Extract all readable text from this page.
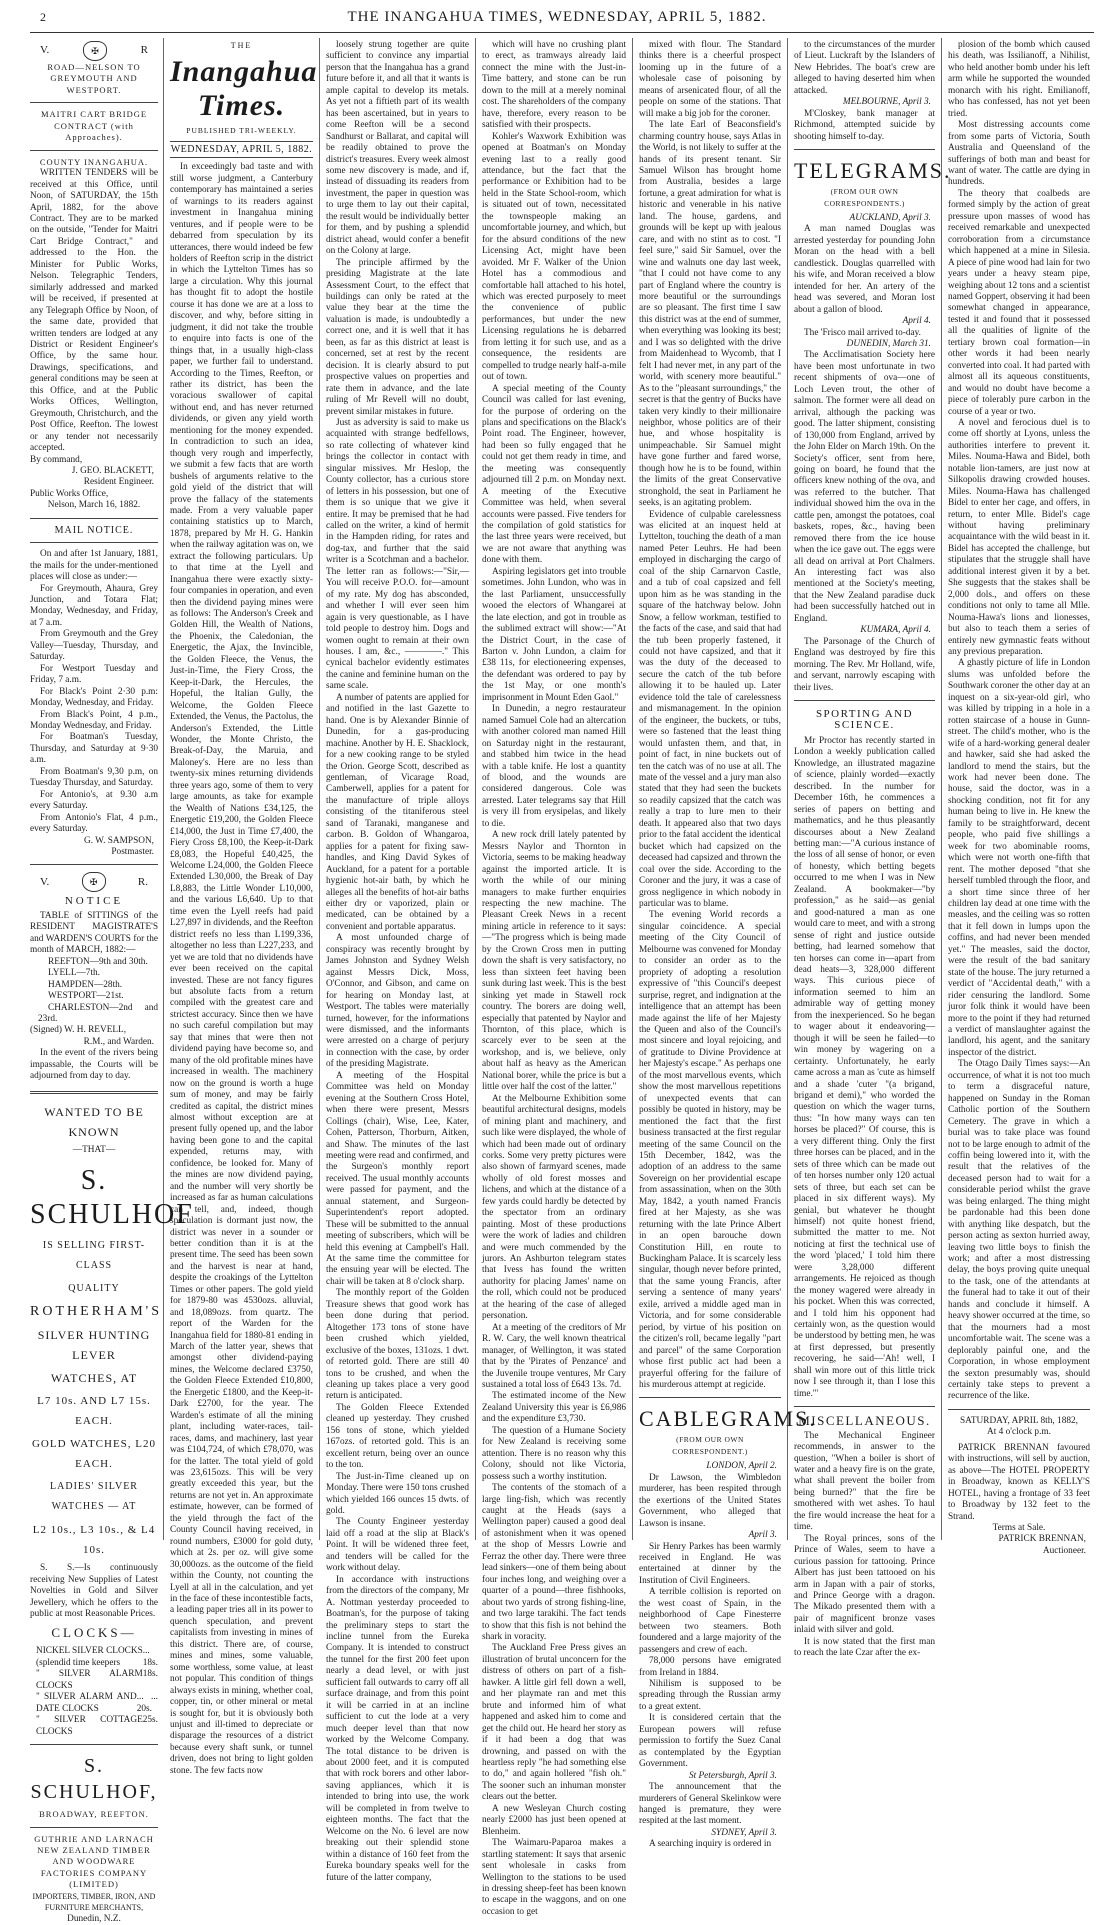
2	THE INANGAHUA TIMES, WEDNESDAY, APRIL 5, 1882.
V.	✠	R
ROAD—NELSON TO GREYMOUTH AND WESTPORT.
MAITRI CART BRIDGE CONTRACT (with Approaches).
COUNTY INANGAHUA.

WRITTEN TENDERS will be received at this Office, until Noon, of SATURDAY, the 15th April, 1882, for the above Contract. They are to be marked on the outside, "Tender for Maitri Cart Bridge Contract," and addressed to the Hon. the Minister for Public Works, Nelson. Telegraphic Tenders, similarly addressed and marked will be received, if presented at any Telegraph Office by Noon, of the same date, provided that written tenders are lodged at any District or Resident Engineer's Office, by the same hour. Drawings, specifications, and general conditions may be seen at this Office, and at the Public Works Offices, Wellington, Greymouth, Christchurch, and the Post Office, Reefton. The lowest or any tender not necessarily accepted.

By command,
J. GEO. BLACKETT,
Resident Engineer.
Public Works Office,
Nelson, March 16, 1882.
MAIL NOTICE.

On and after 1st January, 1881, the mails for the under-mentioned places will close as under:—

For Greymouth, Ahaura, Grey Junction, and Totara Flat; Monday, Wednesday, and Friday, at 7 a.m.

From Greymouth and the Grey Valley—Tuesday, Thursday, and Saturday.

For Westport Tuesday and Friday, 7 a.m.

For Black's Point 2·30 p.m: Monday, Wednesday, and Friday.

From Black's Point, 4 p.m., Monday Wednesday, and Friday.

For Boatman's Tuesday, Thursday, and Saturday at 9·30 a.m.

From Boatman's 9,30 p.m, on Tuesday Thursday, and Saturday.

For Antonio's, at 9.30 a.m every Saturday.

From Antonio's Flat, 4 p.m., every Saturday.

G. W. SAMPSON,
Postmaster.
V.	✠	R.
NOTICE

TABLE of SITTINGS of the RESIDENT MAGISTRATE'S and WARDEN'S COURTS for the month of MARCH, 1882:—

REEFTON—9th and 30th.

LYELL—7th.

HAMPDEN—28th.

WESTPORT—21st.

CHARLESTON—2nd and 23rd.

(Signed) W. H. REVELL,
R.M., and Warden.

In the event of the rivers being impassable, the Courts will be adjourned from day to day.

WANTED TO BE KNOWN
—THAT—
S. SCHULHOF
IS SELLING FIRST-CLASS
QUALITY
ROTHERHAM'S
SILVER HUNTING LEVER
WATCHES, AT
L7 10s. AND L7 15s. EACH.
GOLD WATCHES, L20 EACH.
LADIES' SILVER WATCHES — AT
L2 10s., L3 10s., & L4 10s.

S. S.—Is continuously receiving New Supplies of Latest Novelties in Gold and Silver Jewellery, which he offers to the public at most Reasonable Prices.

CLOCKS—
NICKEL SILVER CLOCKS (splendid time keepers
... 18s.
" SILVER ALARM CLOCKS
18s.
" SILVER ALARM AND DATE CLOCKS
... ... 20s.
" SILVER COTTAGE CLOCKS
25s.
S. SCHULHOF,
BROADWAY, REEFTON.
GUTHRIE AND LARNACH NEW ZEALAND TIMBER AND WOODWARE FACTORIES COMPANY (LIMITED)
IMPORTERS, TIMBER, IRON, AND FURNITURE MERCHANTS,
Dunedin, N.Z.
THE
Inangahua Times.
PUBLISHED TRI-WEEKLY.
WEDNESDAY, APRIL 5, 1882.

In exceedingly bad taste and with still worse judgment, a Canterbury contemporary has maintained a series of warnings to its readers against investment in Inangahua mining ventures, and if people were to be debarred from speculation by its utterances, there would indeed be few holders of Reefton scrip in the district in which the Lyttelton Times has so large a circulation. Why this journal has thought fit to adopt the hostile course it has done we are at a loss to discover, and why, before sitting in judgment, it did not take the trouble to enquire into facts is one of the things that, in a usually high-class paper, we further fail to understand. According to the Times, Reefton, or rather its district, has been the voracious swallower of capital without end, and has never returned dividends, or given any yield worth mentioning for the money expended. In contradiction to such an idea, though very rough and imperfectly, we submit a few facts that are worth bushels of arguments relative to the gold yield of the district that will prove the fallacy of the statements made. From a very valuable paper containing statistics up to March, 1878, prepared by Mr H. G. Hankin when the railway agitation was on, we extract the following particulars. Up to that time at the Lyell and Inangahua there were exactly sixty-four companies in operation, and even then the dividend paying mines were as follows: The Anderson's Creek and Golden Hill, the Wealth of Nations, the Phoenix, the Caledonian, the Energetic, the Ajax, the Invincible, the Golden Fleece, the Venus, the Just-in-Time, the Fiery Cross, the Keep-it-Dark, the Hercules, the Hopeful, the Italian Gully, the Welcome, the Golden Fleece Extended, the Venus, the Pactolus, the Anderson's Extended, the Little Wonder, the Monte Christo, the Break-of-Day, the Maruia, and Maloney's. Here are no less than twenty-six mines returning dividends three years ago, some of them to very large amounts, as take for example the Wealth of Nations £34,125, the Energetic £19,200, the Golden Fleece £14,000, the Just in Time £7,400, the Fiery Cross £8,100, the Keep-it-Dark £8,083, the Hopeful £40,425, the Welcome L24,000, the Golden Fleece Extended L30,000, the Break of Day L8,883, the Little Wonder L10,000, and the various L6,640. Up to that time even the Lyell reefs had paid L27,897 in dividends, and the Reefton district reefs no less than L199,336, altogether no less than L227,233, and yet we are told that no dividends have ever been received on the capital invested. These are not fancy figures but absolute facts from a return compiled with the greatest care and strictest accuracy. Since then we have no such careful compilation but may say that mines that were then not dividend paying have become so, and many of the old profitable mines have increased in wealth. The machinery now on the ground is worth a huge sum of money, and may be fairly credited as capital, the district mines almost without exception are at present fully opened up, and the labor having been gone to and the capital expended, returns may, with confidence, be looked for. Many of the mines are now dividend paying, and the number will very shortly be increased as far as human calculations can tell, and, indeed, though speculation is dormant just now, the district was never in a sounder or better condition than it is at the present time. The seed has been sown and the harvest is near at hand, despite the croakings of the Lyttelton Times or other papers. The gold yield for 1879-80 was 4530ozs. alluvial, and 18,089ozs. from quartz. The report of the Warden for the Inangahua field for 1880-81 ending in March of the latter year, shews that amongst other dividend-paying mines, the Welcome declared £3750, the Golden Fleece Extended £10,800, the Energetic £1800, and the Keep-it-Dark £2700, for the year. The Warden's estimate of all the mining plant, including water-races, tail-races, dams, and machinery, last year was £104,724, of which £78,070, was for the latter. The total yield of gold was 23,615ozs. This will be very greatly exceeded this year, but the returns are not yet in. An approximate estimate, however, can be formed of the yield through the fact of the County Council having received, in round numbers, £3000 for gold duty, which at 2s. per oz. will give some 30,000ozs. as the outcome of the field within the County, not counting the Lyell at all in the calculation, and yet in the face of these incontestible facts, a leading paper tries all in its power to quench speculation, and prevent capitalists from investing in mines of this district. There are, of course, mines and mines, some valuable, some worthless, some value, at least not popular. This condition of things always exists in mining, whether coal, copper, tin, or other mineral or metal is sought for, but it is obviously both unjust and ill-timed to depreciate or disparage the resources of a district because every shaft sunk, or tunnel driven, does not bring to light golden stone. The few facts now

loosely strung together are quite sufficient to convince any impartial person that the Inangahua has a grand future before it, and all that it wants is ample capital to develop its metals. As yet not a fiftieth part of its wealth has been ascertained, but in years to come Reefton will be a second Sandhurst or Ballarat, and capital will be readily obtained to prove the district's treasures. Every week almost some new discovery is made, and if, instead of dissuading its readers from investment, the paper in question was to urge them to lay out their capital, the result would be individually better for them, and by pushing a splendid district ahead, would confer a benefit on the Colony at large.

The principle affirmed by the presiding Magistrate at the late Assessment Court, to the effect that buildings can only be rated at the value they bear at the time the valuation is made, is undoubtedly a correct one, and it is well that it has been, as far as this district at least is concerned, set at rest by the recent decision. It is clearly absurd to put prospective values on properties and rate them in advance, and the late ruling of Mr Revell will no doubt, prevent similar mistakes in future.

Just as adversity is said to make us acquainted with strange bedfellows, so rate collecting of whatever kind brings the collector in contact with singular missives. Mr Heslop, the County collector, has a curious store of letters in his possession, but one of them is so unique that we give it entire. It may be premised that he had called on the writer, a kind of hermit in the Hampden riding, for rates and dog-tax, and further that the said writer is a Scotchman and a bachelor. The letter ran as follows:—"Sir,—You will receive P.O.O. for—amount of my rate. My dog has absconded, and whether I will ever seen him again is very questionable, as I have told people to destroy him. Dogs and women ought to remain at their own houses. I am, &c., ————." This cynical bachelor evidently estimates the canine and feminine human on the same scale.

A number of patents are applied for and notified in the last Gazette to hand. One is by Alexander Binnie of Dunedin, for a gas-producing machine. Another by H. E. Shacklock, for a new cooking range to be styled the Orion. George Scott, described as gentleman, of Vicarage Road, Camberwell, applies for a patent for the manufacture of triple alloys consisting of the titaniferous steel sand of Taranaki, manganese and carbon. B. Goldon of Whangaroa, applies for a patent for fixing saw-handles, and King David Sykes of Auckland, for a patent for a portable hygienic hot-air bath, by which he alleges all the benefits of hot-air baths either dry or vaporized, plain or medicated, can be obtained by a convenient and portable apparatus.

A most unfounded charge of conspiracy was recently brought by James Johnston and Sydney Welsh against Messrs Dick, Moss, O'Connor, and Gibson, and came on for hearing on Monday last, at Westport. The tables were materially turned, however, for the informations were dismissed, and the informants were arrested on a charge of perjury in connection with the case, by order of the presiding Magistrate.

A meeting of the Hospital Committee was held on Monday evening at the Southern Cross Hotel, when there were present, Messrs Collings (chair), Wise, Lee, Kater, Cohen, Patterson, Thorburn, Aitken, and Shaw. The minutes of the last meeting were read and confirmed, and the Surgeon's monthly report received. The usual monthly accounts were passed for payment, and the annual statement, and Surgeon-Superintendent's report adopted. These will be submitted to the annual meeting of subscribers, which will be held this evening at Campbell's Hall. At the same time the committee for the ensuing year will be elected. The chair will be taken at 8 o'clock sharp.

The monthly report of the Golden Treasure shews that good work has been done during that period. Altogether 173 tons of stone have been crushed which yielded, exclusive of the boxes, 131ozs. 1 dwt. of retorted gold. There are still 40 tons to be crushed, and when the cleaning up takes place a very good return is anticipated.

The Golden Fleece Extended cleaned up yesterday. They crushed 156 tons of stone, which yielded 167ozs. of retorted gold. This is an excellent return, being over an ounce to the ton.

The Just-in-Time cleaned up on Monday. There were 150 tons crushed which yielded 166 ounces 15 dwts. of gold.

The County Engineer yesterday laid off a road at the slip at Black's Point. It will be widened three feet, and tenders will be called for the work without delay.

In accordance with instructions from the directors of the company, Mr A. Nottman yesterday proceeded to Boatman's, for the purpose of taking the preliminary steps to start the incline tunnel from the Eureka Company. It is intended to construct the tunnel for the first 200 feet upon nearly a dead level, or with just sufficient fall outwards to carry off all surface drainage, and from this point it will be carried in at an incline sufficient to cut the lode at a very much deeper level than that now worked by the Welcome Company. The total distance to be driven is about 2000 feet, and it is computed that with rock borers and other labor-saving appliances, which it is intended to bring into use, the work will be completed in from twelve to eighteen months. The fact that the Welcome on the No. 6 level are now breaking out their splendid stone within a distance of 160 feet from the Eureka boundary speaks well for the future of the latter company,

which will have no crushing plant to erect, as tramways already laid connect the mine with the Just-in-Time battery, and stone can be run down to the mill at a merely nominal cost. The shareholders of the company have, therefore, every reason to be satisfied with their prospects.

Kohler's Waxwork Exhibition was opened at Boatman's on Monday evening last to a really good attendance, but the fact that the performance or Exhibition had to be held in the State School-room, which is situated out of town, necessitated the townspeople making an uncomfortable journey, and which, but for the absurd conditions of the new Licensing Act, might have been avoided. Mr F. Walker of the Union Hotel has a commodious and comfortable hall attached to his hotel, which was erected purposely to meet the convenience of public performances, but under the new Licensing regulations he is debarred from letting it for such use, and as a consequence, the residents are compelled to trudge nearly half-a-mile out of town.

A special meeting of the County Council was called for last evening, for the purpose of ordering on the plans and specifications on the Black's Point road. The Engineer, however, had been so fully engaged that he could not get them ready in time, and the meeting was consequently adjourned till 2 p.m. on Monday next. A meeting of the Executive Committee was held, when several accounts were passed. Five tenders for the compilation of gold statistics for the last three years were received, but we are not aware that anything was done with them.

Aspiring legislators get into trouble sometimes. John Lundon, who was in the last Parliament, unsuccessfully wooed the electors of Whangarei at the late election, and got in trouble as the sublimed extract will show:—"At the District Court, in the case of Barton v. John Lundon, a claim for £38 11s, for electioneering expenses, the defendant was ordered to pay by the 1st May, or one month's imprisonment in Mount Eden Gaol."

In Dunedin, a negro restaurateur named Samuel Cole had an altercation with another colored man named Hill on Saturday night in the restaurant, and stabbed him twice in the head with a table knife. He lost a quantity of blood, and the wounds are considered dangerous. Cole was arrested. Later telegrams say that Hill is very ill from erysipelas, and likely to die.

A new rock drill lately patented by Messrs Naylor and Thornton in Victoria, seems to be making headway against the imported article. It is worth the while of our mining managers to make further enquiries respecting the new machine. The Pleasant Creek News in a recent mining article in reference to it says:—"The progress which is being made by the Crown Cross men in putting down the shaft is very satisfactory, no less than sixteen feet having been sunk during last week. This is the best sinking yet made in Stawell rock country. The borers are doing well, especially that patented by Naylor and Thornton, of this place, which is scarcely ever to be seen at the workshop, and is, we believe, only about half as heavy as the American National borer, while the price is but a little over half the cost of the latter."

At the Melbourne Exhibition some beautiful architectural designs, models of mining plant and machinery, and such like were displayed, the whole of which had been made out of ordinary corks. Some very pretty pictures were also shown of farmyard scenes, made wholly of old forest mosses and lichens, and which at the distance of a few yards could hardly be detected by the spectator from an ordinary painting. Most of these productions were the work of ladies and children and were much commended by the jurors. An Ashburton telegram states that Ivess has found the written authority for placing James' name on the roll, which could not be produced at the hearing of the case of alleged personation.

At a meeting of the creditors of Mr R. W. Cary, the well known theatrical manager, of Wellington, it was stated that by the 'Pirates of Penzance' and the Juvenile troupe ventures, Mr Cary sustained a total loss of £643 13s. 7d.

The estimated income of the New Zealand University this year is £6,986 and the expenditure £3,730.

The question of a Humane Society for New Zealand is receiving some attention. There is no reason why this Colony, should not like Victoria, possess such a worthy institution.

The contents of the stomach of a large ling-fish, which was recently caught at the Heads (says a Wellington paper) caused a good deal of astonishment when it was opened at the shop of Messrs Lowrie and Ferraz the other day. There were three lead sinkers—one of them being about four inches long, and weighing over a quarter of a pound—three fishhooks, about two yards of strong fishing-line, and two large tarakihi. The fact tends to show that this fish is not behind the shark in voracity.

The Auckland Free Press gives an illustration of brutal unconcern for the distress of others on part of a fish-hawker. A little girl fell down a well, and her playmate ran and met this brute and informed him of what happened and asked him to come and get the child out. He heard her story as if it had been a dog that was drowning, and passed on with the heartless reply "he had something else to do," and again hollered "fish oh." The sooner such an inhuman monster clears out the better.

A new Wesleyan Church costing nearly £2000 has just been opened at Blenheim.

The Waimaru-Paparoa makes a startling statement: It says that arsenic sent wholesale in casks from Wellington to the stations to be used in dressing sheep-feet has been known to escape in the waggons, and on one occasion to get

mixed with flour. The Standard thinks there is a cheerful prospect looming up in the future of a wholesale case of poisoning by means of arsenicated flour, of all the people on some of the stations. That will make a big job for the coroner.

The late Earl of Beaconsfield's charming country house, says Atlas in the World, is not likely to suffer at the hands of its present tenant. Sir Samuel Wilson has brought home from Australia, besides a large fortune, a great admiration for what is historic and venerable in his native land. The house, gardens, and grounds will be kept up with jealous care, and with no stint as to cost. "I feel sure," said Sir Samuel, over the wine and walnuts one day last week, "that I could not have come to any part of England where the country is more beautiful or the surroundings are so pleasant. The first time I saw this district was at the end of summer, when everything was looking its best; and I was so delighted with the drive from Maidenhead to Wycomb, that I felt I had never met, in any part of the world, with scenery more beautiful." As to the "pleasant surroundings," the secret is that the gentry of Bucks have taken very kindly to their millionaire neighbor, whose politics are of their hue, and whose hospitality is unimpeachable. Sir Samuel might have gone further and fared worse, though how he is to be found, within the limits of the great Conservative stronghold, the seat in Parliament he seeks, is an agitating problem.

Evidence of culpable carelessness was elicited at an inquest held at Lyttelton, touching the death of a man named Peter Leuhrs. He had been employed in discharging the cargo of coal of the ship Carnarvon Castle, and a tub of coal capsized and fell upon him as he was standing in the square of the hatchway below. John Snow, a fellow workman, testified to the facts of the case, and said that had the tub been properly fastened, it could not have capsized, and that it was the duty of the deceased to secure the catch of the tub before allowing it to be hauled up. Later evidence told the tale of carelessness and mismanagement. In the opinion of the engineer, the buckets, or tubs, were so fastened that the least thing would unfasten them, and that, in point of fact, in nine buckets out of ten the catch was of no use at all. The mate of the vessel and a jury man also stated that they had seen the buckets so readily capsized that the catch was really a trap to lure men to their death. It appeared also that two days prior to the fatal accident the identical bucket which had capsized on the deceased had capsized and thrown the coal over the side. According to the Coroner and the jury, it was a case of gross negligence in which nobody in particular was to blame.

The evening World records a singular coincidence. A special meeting of the City Council of Melbourne was convened for Monday to consider an order as to the propriety of adopting a resolution expressive of "this Council's deepest surprise, regret, and indignation at the intelligence that an attempt has been made against the life of her Majesty the Queen and also of the Council's most sincere and loyal rejoicing, and of gratitude to Divine Providence at her Majesty's escape." As perhaps one of the most marvellous events, which show the most marvellous repetitions of unexpected events that can possibly be quoted in history, may be mentioned the fact that the first business transacted at the first regular meeting of the same Council on the 15th December, 1842, was the adoption of an address to the same Sovereign on her providential escape from assassination, when on the 30th May, 1842, a youth named Francis fired at her Majesty, as she was returning with the late Prince Albert in an open barouche down Constitution Hill, en route to Buckingham Palace. It is scarcely less singular, though never before printed, that the same young Francis, after serving a sentence of many years' exile, arrived a middle aged man in Victoria, and for some considerable period, by virtue of his position on the citizen's roll, became legally "part and parcel" of the same Corporation whose first public act had been a prayerful offering for the failure of his murderous attempt at regicide.

CABLEGRAMS.
(FROM OUR OWN CORRESPONDENT.)
LONDON, April 2.

Dr Lawson, the Wimbledon murderer, has been respited through the exertions of the United States Government, who alleged that Lawson is insane.

April 3.

Sir Henry Parkes has been warmly received in England. He was entertained at dinner by the Institution of Civil Engineers.

A terrible collision is reported on the west coast of Spain, in the neighborhood of Cape Finesterre between two steamers. Both foundered and a large majority of the passengers and crew of each.

78,000 persons have emigrated from Ireland in 1884.

Nihilism is supposed to be spreading through the Russian army to a great extent.

It is considered certain that the European powers will refuse permission to fortify the Suez Canal as contemplated by the Egyptian Government.

St Petersburgh, April 3.

The announcement that the murderers of General Skelinkow were hanged is premature, they were respited at the last moment.

SYDNEY, April 3.

A searching inquiry is ordered in

to the circumstances of the murder of Lieut. Luckraft by the Islanders of New Hebrides. The boat's crew are alleged to having deserted him when attacked.

MELBOURNE, April 3.

M'Closkey, bank manager at Richmond, attempted suicide by shooting himself to-day.

TELEGRAMS.
(FROM OUR OWN CORRESPONDENTS.)
AUCKLAND, April 3.

A man named Douglas was arrested yesterday for pounding John Moran on the head with a bell candlestick. Douglas quarrelled with his wife, and Moran received a blow intended for her. An artery of the head was severed, and Moran lost about a gallon of blood.

April 4.

The 'Frisco mail arrived to-day.

DUNEDIN, March 31.

The Acclimatisation Society here have been most unfortunate in two recent shipments of ova—one of Loch Leven trout, the other of salmon. The former were all dead on arrival, although the packing was good. The latter shipment, consisting of 130,000 from England, arrived by the John Elder on March 19th. On the Society's officer, sent from here, going on board, he found that the officers knew nothing of the ova, and was referred to the butcher. That individual showed him the ova in the cattle pen, amongst the potatoes, coal baskets, ropes, &c., having been removed there from the ice house when the ice gave out. The eggs were all dead on arrival at Port Chalmers. An interesting fact was also mentioned at the Society's meeting, that the New Zealand paradise duck had been successfully hatched out in England.

KUMARA, April 4.

The Parsonage of the Church of England was destroyed by fire this morning. The Rev. Mr Holland, wife, and servant, narrowly escaping with their lives.

SPORTING AND SCIENCE.

Mr Proctor has recently started in London a weekly publication called Knowledge, an illustrated magazine of science, plainly worded—exactly described. In the number for December 16th, he commences a series of papers on betting and mathematics, and he thus pleasantly discourses about a New Zealand betting man:—"A curious instance of the loss of all sense of honor, or even of honesty, which betting begets occurred to me when I was in New Zealand. A bookmaker—"by profession," as he said—as genial and good-natured a man as one would care to meet, and with a strong sense of right and justice outside betting, had learned somehow that ten horses can come in—apart from dead heats—3, 328,000 different ways. This curious piece of information seemed to him an admirable way of getting money from the inexperienced. So he began to wager about it endeavoring—though it will be seen he failed—to win money by wagering on a certainty. Unfortunately, he early came across a man as 'cute as himself and a shade 'cuter "(a brigand, brigand et demi)," who worded the question on which the wager turns, thus: "In how many ways can ten horses be placed?" Of course, this is a very different thing. Only the first three horses can be placed, and in the sets of three which can be made out of ten horses number only 120 actual sets of three, but each set can be placed in six different ways). My genial, but whatever he thought himself) not quite honest friend, submitted the matter to me. Not noticing at first the technical use of the word 'placed,' I told him there were 3,28,000 different arrangements. He rejoiced as though the money wagered were already in his pocket. When this was corrected, and I told him his opponent had certainly won, as the question would be understood by betting men, he was at first depressed, but presently recovering, he said—'Ah! well, I shall win more out of this little trick now I see through it, than I lose this time.'"

MISCELLANEOUS.

The Mechanical Engineer recommends, in answer to the question, "When a boiler is short of water and a heavy fire is on the grate, what shall prevent the boiler from being burned?" that the fire be smothered with wet ashes. To haul the fire would increase the heat for a time.

The Royal princes, sons of the Prince of Wales, seem to have a curious passion for tattooing. Prince Albert has just been tattooed on his arm in Japan with a pair of storks, and Prince George with a dragon. The Mikado presented them with a pair of magnificent bronze vases inlaid with silver and gold.

It is now stated that the first man to reach the late Czar after the ex-

plosion of the bomb which caused his death, was Issilianoff, a Nihilist, who held another bomb under his left arm while he supported the wounded monarch with his right. Emilianoff, who has confessed, has not yet been tried.

Most distressing accounts come from some parts of Victoria, South Australia and Queensland of the sufferings of both man and beast for want of water. The cattle are dying in hundreds.

The theory that coalbeds are formed simply by the action of great pressure upon masses of wood has received remarkable and unexpected corroboration from a circumstance which happened at a mine in Silesia. A piece of pine wood had lain for two years under a heavy steam pipe, weighing about 12 tons and a scientist named Goppert, observing it had been somewhat changed in appearance, tested it and found that it possessed all the qualities of lignite of the tertiary brown coal formation—in other words it had been nearly converted into coal. It had parted with almost all its aqueous constituents, and would no doubt have become a piece of tolerably pure carbon in the course of a year or two.

A novel and ferocious duel is to come off shortly at Lyons, unless the authorities interfere to prevent it. Miles. Nouma-Hawa and Bidel, both notable lion-tamers, are just now at Silkopolis drawing crowded houses. Miles. Nouma-Hawa has challenged Bidel to enter her cage, and offers, in return, to enter Mlle. Bidel's cage without having preliminary acquaintance with the wild beast in it. Bidel has accepted the challenge, but stipulates that the struggle shall have additional interest given it by a bet. She suggests that the stakes shall be 2,000 dols., and offers on these conditions not only to tame all Mlle. Nouma-Hawa's lions and lionesses, but also to teach them a series of entirely new gymnastic feats without any previous preparation.

A ghastly picture of life in London slums was unfolded before the Southwark coroner the other day at an inquest on a six-year-old girl, who was killed by tripping in a hole in a rotten staircase of a house in Gunn-street. The child's mother, who is the wife of a hard-working general dealer and hawker, said she had asked the landlord to mend the stairs, but the work had never been done. The house, said the doctor, was in a shocking condition, not fit for any human being to live in. He knew the family to be straightforward, decent people, who paid five shillings a week for two abominable rooms, which were not worth one-fifth that rent. The mother deposed "that she herself tumbled through the floor, and a short time since three of her children lay dead at one time with the measles, and the ceiling was so rotten that it fell down in lumps upon the coffins, and had never been mended yet." The measles, said the doctor, were the result of the bad sanitary state of the house. The jury returned a verdict of "Accidental death," with a rider censuring the landlord. Some juror folk think it would have been more to the point if they had returned a verdict of manslaughter against the landlord, his agent, and the sanitary inspector of the district.

The Otago Daily Times says:—An occurrence, of what it is not too much to term a disgraceful nature, happened on Sunday in the Roman Catholic portion of the Southern Cemetery. The grave in which a burial was to take place was found not to be large enough to admit of the coffin being lowered into it, with the result that the relatives of the deceased person had to wait for a considerable period whilst the grave was being enlarged. The thing might be pardonable had this been done with anything like despatch, but the person acting as sexton hurried away, leaving two little boys to finish the work; and after a most distressing delay, the boys proving quite unequal to the task, one of the attendants at the funeral had to take it out of their hands and conclude it himself. A heavy shower occurred at the time, so that the mourners had a most uncomfortable wait. The scene was a deplorably painful one, and the Corporation, in whose employment the sexton presumably was, should certainly take steps to prevent a recurrence of the like.

SATURDAY, APRIL 8th, 1882,
At 4 o'clock p.m.

PATRICK BRENNAN favoured with instructions, will sell by auction, as above—The HOTEL PROPERTY in Broadway, known as KELLY'S HOTEL, having a frontage of 33 feet to Broadway by 132 feet to the Strand.

Terms at Sale.
PATRICK BRENNAN,
Auctioneer.
